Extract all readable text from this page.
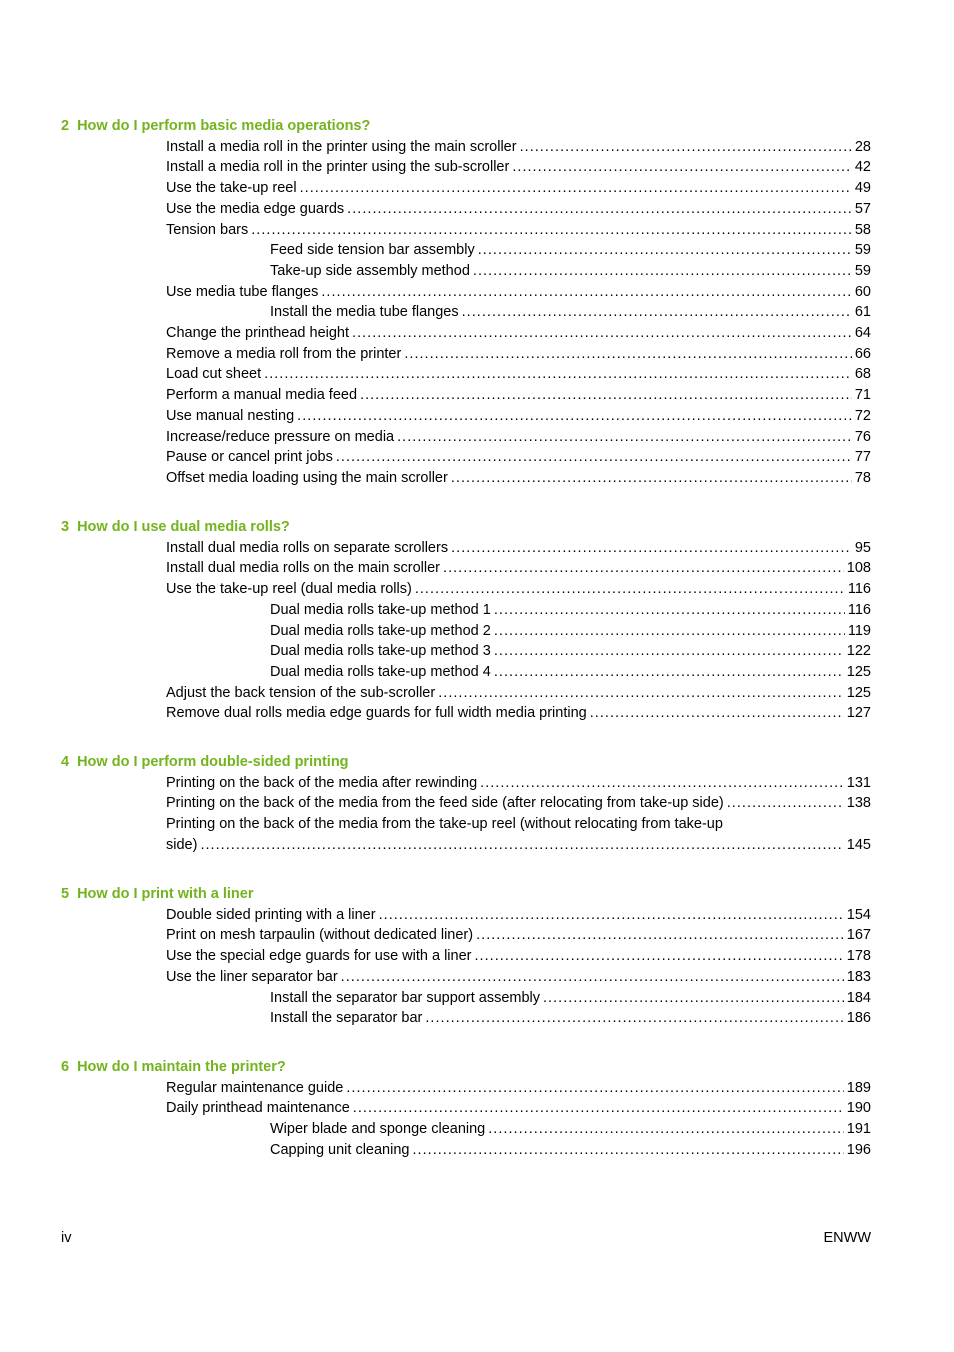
2 How do I perform basic media operations?
Install a media roll in the printer using the main scroller . . .	28
Install a media roll in the printer using the sub-scroller . . .	42
Use the take-up reel . . .	49
Use the media edge guards . . .	57
Tension bars . . .	58
Feed side tension bar assembly . . .	59
Take-up side assembly method . . .	59
Use media tube flanges . . .	60
Install the media tube flanges . . .	61
Change the printhead height . . .	64
Remove a media roll from the printer . . .	66
Load cut sheet . . .	68
Perform a manual media feed . . .	71
Use manual nesting . . .	72
Increase/reduce pressure on media . . .	76
Pause or cancel print jobs . . .	77
Offset media loading using the main scroller . . .	78
3 How do I use dual media rolls?
Install dual media rolls on separate scrollers . . .	95
Install dual media rolls on the main scroller . . .	108
Use the take-up reel (dual media rolls) . . .	116
Dual media rolls take-up method 1 . . .	116
Dual media rolls take-up method 2 . . .	119
Dual media rolls take-up method 3 . . .	122
Dual media rolls take-up method 4 . . .	125
Adjust the back tension of the sub-scroller . . .	125
Remove dual rolls media edge guards for full width media printing . . .	127
4 How do I perform double-sided printing
Printing on the back of the media after rewinding . . .	131
Printing on the back of the media from the feed side (after relocating from take-up side) . . .	138
Printing on the back of the media from the take-up reel (without relocating from take-up
side) . . .	145
5 How do I print with a liner
Double sided printing with a liner . . .	154
Print on mesh tarpaulin (without dedicated liner) . . .	167
Use the special edge guards for use with a liner . . .	178
Use the liner separator bar . . .	183
Install the separator bar support assembly . . .	184
Install the separator bar . . .	186
6 How do I maintain the printer?
Regular maintenance guide . . .	189
Daily printhead maintenance . . .	190
Wiper blade and sponge cleaning . . .	191
Capping unit cleaning . . .	196
iv	ENWW
